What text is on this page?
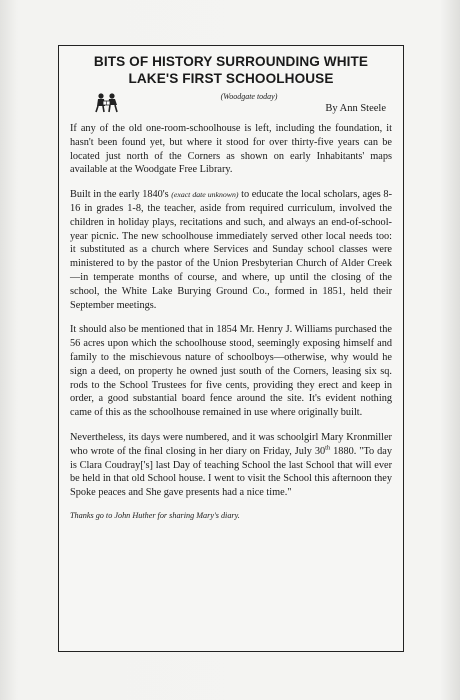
BITS OF HISTORY SURROUNDING WHITE
LAKE'S FIRST SCHOOLHOUSE
(Woodgate today)
By Ann Steele

If any of the old one-room-schoolhouse is left, including the foundation, it hasn't been found yet, but where it stood for over thirty-five years can be located just north of the Corners as shown on early Inhabitants' maps available at the Woodgate Free Library.

Built in the early 1840's (exact date unknown) to educate the local scholars, ages 8-16 in grades 1-8, the teacher, aside from required curriculum, involved the children in holiday plays, recitations and such, and always an end-of-school-year picnic. The new schoolhouse immediately served other local needs too: it substituted as a church where Services and Sunday school classes were ministered to by the pastor of the Union Presbyterian Church of Alder Creek—in temperate months of course, and where, up until the closing of the school, the White Lake Burying Ground Co., formed in 1851, held their September meetings.

It should also be mentioned that in 1854 Mr. Henry J. Williams purchased the 56 acres upon which the schoolhouse stood, seemingly exposing himself and family to the mischievous nature of schoolboys—otherwise, why would he sign a deed, on property he owned just south of the Corners, leasing six sq. rods to the School Trustees for five cents, providing they erect and keep in order, a good substantial board fence around the site. It's evident nothing came of this as the schoolhouse remained in use where originally built.

Nevertheless, its days were numbered, and it was schoolgirl Mary Kronmiller who wrote of the final closing in her diary on Friday, July 30th 1880. "To day is Clara Coudray['s] last Day of teaching School the last School that will ever be held in that old School house. I went to visit the School this afternoon they Spoke peaces and She gave presents had a nice time."

Thanks go to John Huther for sharing Mary's diary.
